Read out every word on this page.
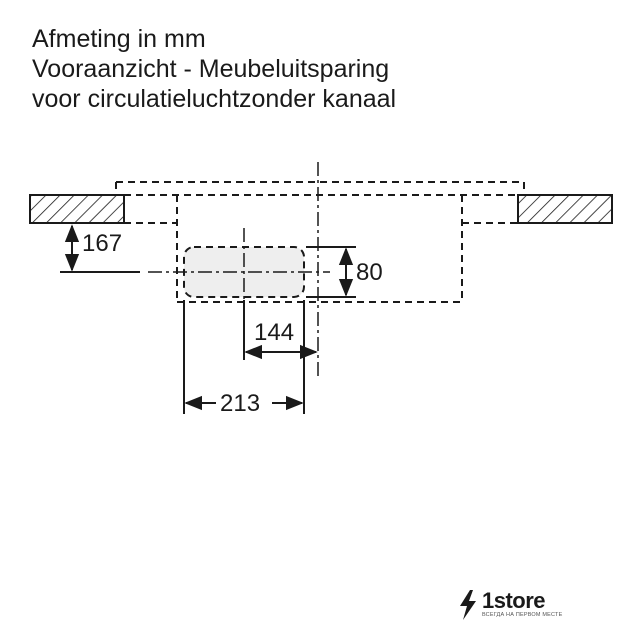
Afmeting in mm
Vooraanzicht - Meubeluitsparing
voor circulatieluchtzonder kanaal
167
80
144
213
1store
ВСЕГДА НА ПЕРВОМ МЕСТЕ
